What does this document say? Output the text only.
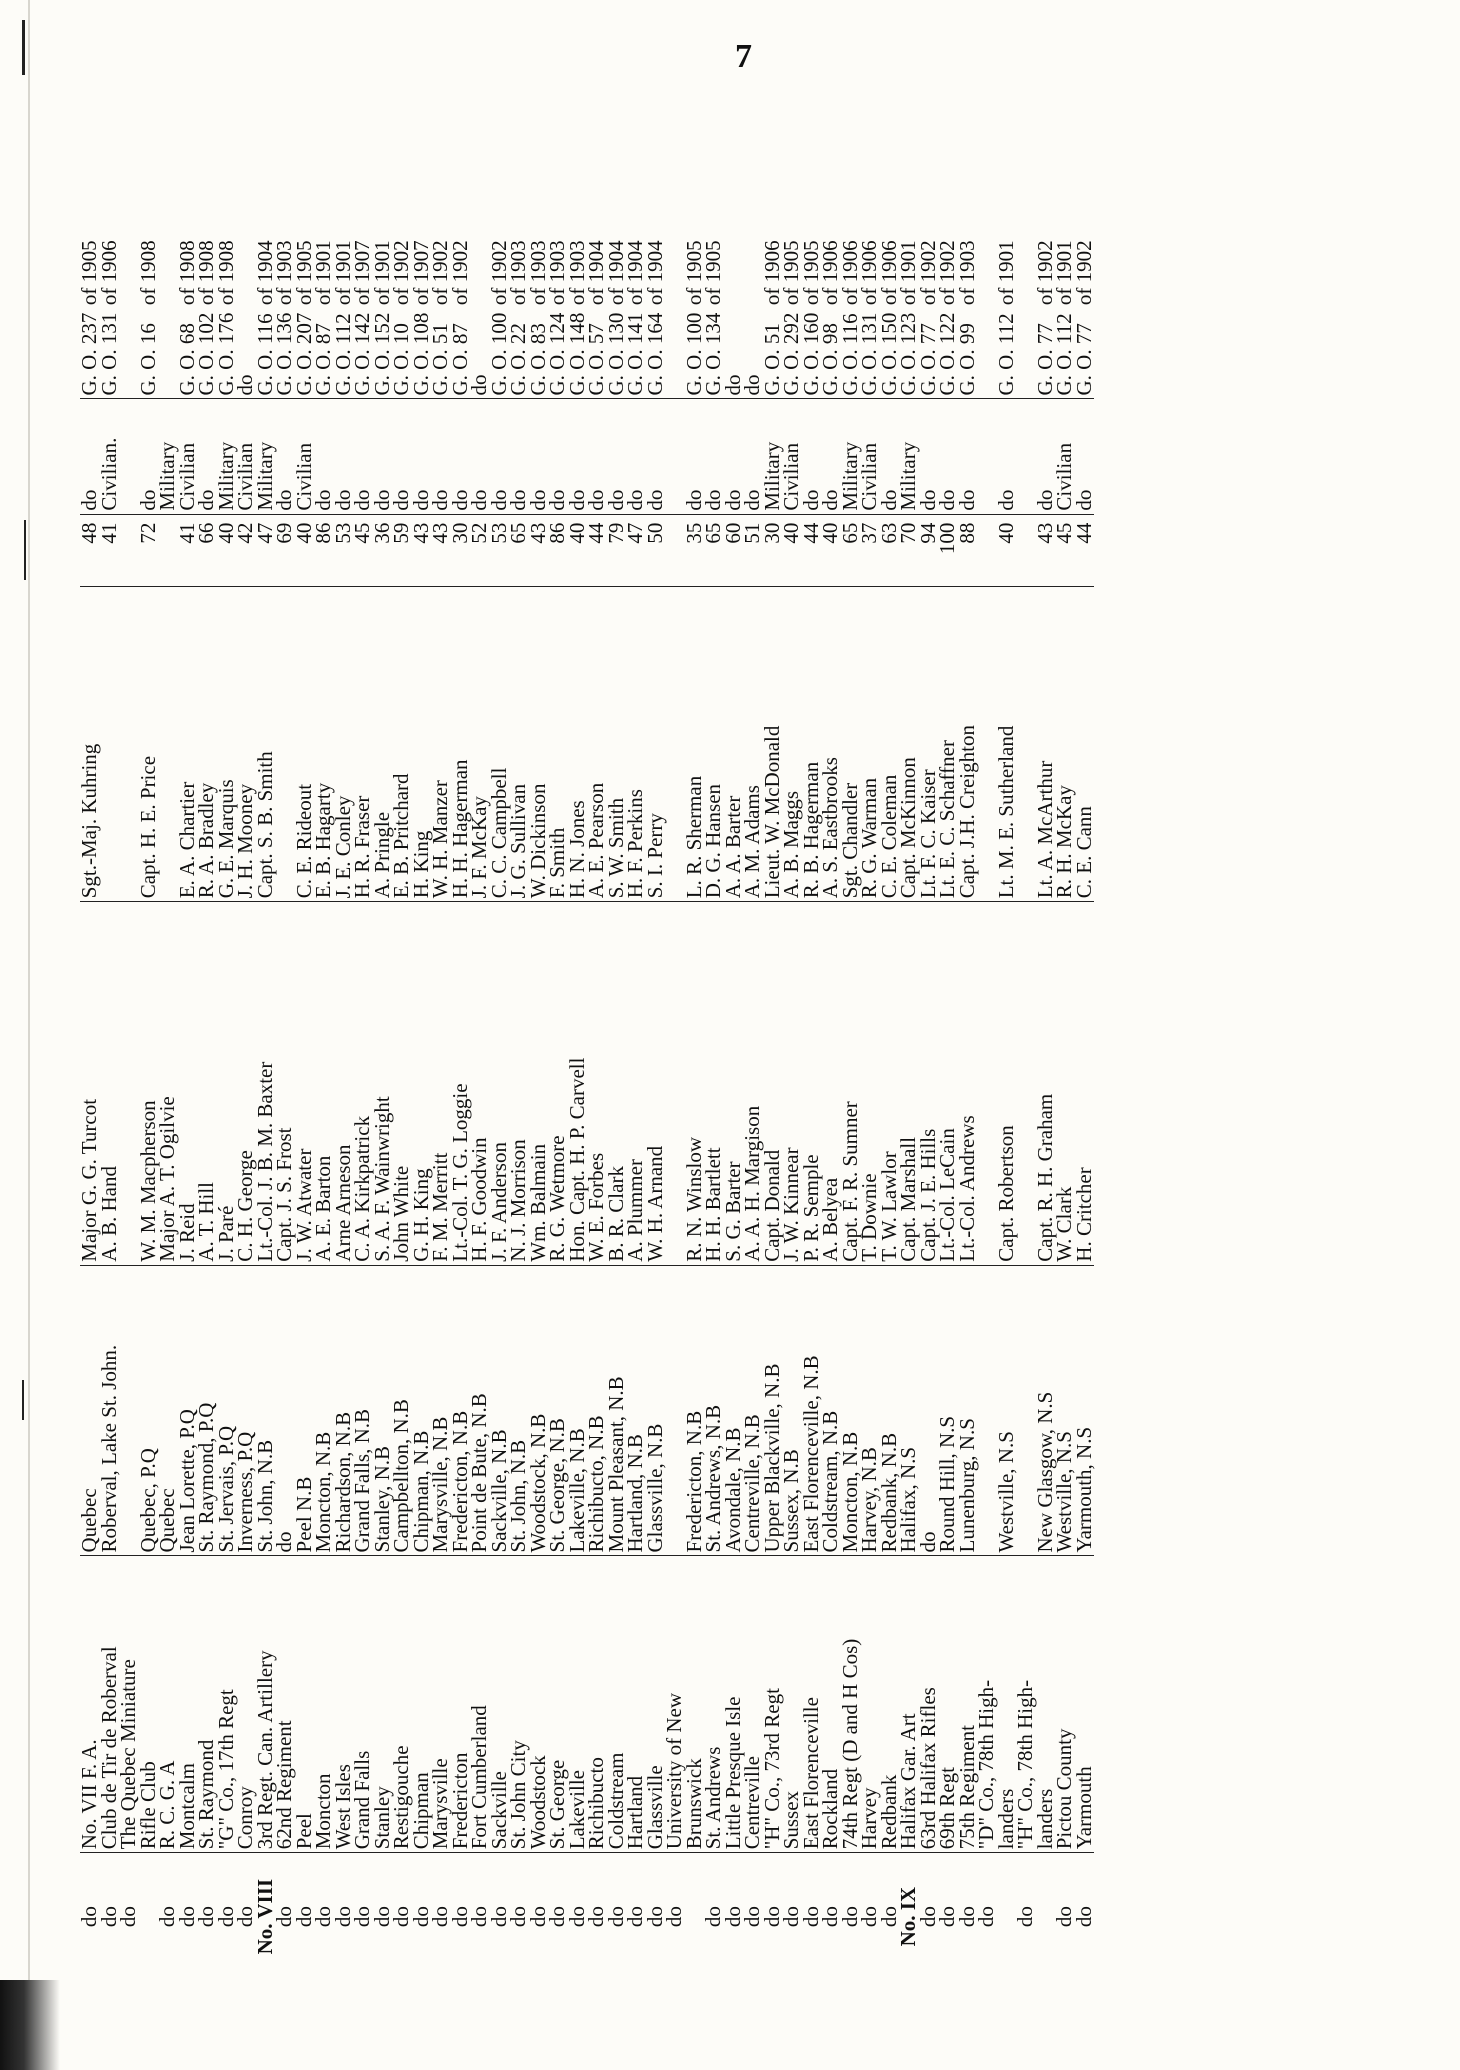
7
do	No. VII F. A.	Quebec	Major G. G. Turcot	Sgt.-Maj. Kuhring	48	do	G. O. 237	of 1905
do	Club de Tir de Roberval	Roberval, Lake St. John.	A. B. Hand		41	Civilian.	G. O. 131	of 1906
do	The Quebec Miniature							
	Rifle Club	Quebec, P.Q	W. M. Macpherson	Capt. H. E. Price	72	do	G. O. 16	of 1908
do	R. C. G. A	Quebec	Major A. T. Ogilvie			Military		
do	Montcalm	Jean Lorette, P.Q	J. Reid	E. A. Chartier	41	Civilian	G. O. 68	of 1908
do	St. Raymond	St. Raymond, P.Q	A. T. Hill	R. A. Bradley	66	do	G. O. 102	of 1908
do	"G" Co., 17th Regt	St. Jervais, P.Q	J. Paré	G. E. Marquis	40	Military	G. O. 176	of 1908
do	Conroy	Inverness, P.Q	C. H. George	J. H. Mooney	42	Civilian	do	
No. VIII	3rd Regt. Can. Artillery	St. John, N.B	Lt.-Col. J. B. M. Baxter	Capt. S. B. Smith	47	Military	G. O. 116	of 1904
do	62nd Regiment	do	Capt. J. S. Frost		69	do	G. O. 136	of 1903
do	Peel	Peel N.B	J. W. Atwater	C. E. Rideout	40	Civilian	G. O. 207	of 1905
do	Moncton	Moncton, N.B	A. E. Barton	E. B. Hagarty	86	do	G. O. 87	of 1901
do	West Isles	Richardson, N.B	Arne Arneson	J. E. Conley	53	do	G. O. 112	of 1901
do	Grand Falls	Grand Falls, N.B	C. A. Kirkpatrick	H. R. Fraser	45	do	G. O. 142	of 1907
do	Stanley	Stanley, N.B	S. A. F. Wainwright	A. Pringle	36	do	G. O. 152	of 1901
do	Restigouche	Campbellton, N.B	John White	E. B. Pritchard	59	do	G. O. 10	of 1902
do	Chipman	Chipman, N.B	G. H. King	H. King	43	do	G. O. 108	of 1907
do	Marysville	Marysville, N.B	F. M. Merritt	W. H. Manzer	43	do	G. O. 51	of 1902
do	Fredericton	Fredericton, N.B	Lt.-Col. T. G. Loggie	H. H. Hagerman	30	do	G. O. 87	of 1902
do	Fort Cumberland	Point de Bute, N.B	H. F. Goodwin	J. F. McKay	52	do	do	
do	Sackville	Sackville, N.B	J. F. Anderson	C. C. Campbell	53	do	G. O. 100	of 1902
do	St. John City	St. John, N.B	N. J. Morrison	J. G. Sullivan	65	do	G. O. 22	of 1903
do	Woodstock	Woodstock, N.B	Wm. Balmain	W. Dickinson	43	do	G. O. 83	of 1903
do	St. George	St. George, N.B	R. G. Wetmore	F. Smith	86	do	G. O. 124	of 1903
do	Lakeville	Lakeville, N.B	Hon. Capt. H. P. Carvell	H. N. Jones	40	do	G. O. 148	of 1903
do	Richibucto	Richibucto, N.B	W. E. Forbes	A. E. Pearson	44	do	G. O. 57	of 1904
do	Coldstream	Mount Pleasant, N.B	B. R. Clark	S. W. Smith	79	do	G. O. 130	of 1904
do	Hartland	Hartland, N.B	A. Plummer	H. F. Perkins	47	do	G. O. 141	of 1904
do	Glassville	Glassville, N.B	W. H. Arnand	S. I. Perry	50	do	G. O. 164	of 1904
do	University of New							
	Brunswick	Fredericton, N.B	R. N. Winslow	L. R. Sherman	35	do	G. O. 100	of 1905
do	St. Andrews	St. Andrews, N.B	H. H. Bartlett	D. G. Hansen	65	do	G. O. 134	of 1905
do	Little Presque Isle	Avondale, N.B	S. G. Barter	A. A. Barter	60	do	do	
do	Centreville	Centreville, N.B	A. A. H. Margison	A. M. Adams	51	do	do	
do	"H" Co., 73rd Regt	Upper Blackville, N.B	Capt. Donald	Lieut. W. McDonald	30	Military	G. O. 51	of 1906
do	Sussex	Sussex, N.B	J. W. Kinnear	A. B. Maggs	40	Civilian	G. O. 292	of 1905
do	East Florenceville	East Florenceville, N.B	P. R. Semple	R. B. Hagerman	44	do	G. O. 160	of 1905
do	Rockland	Coldstream, N.B	A. Belyea	A. S. Eastbrooks	40	do	G. O. 98	of 1906
do	74th Regt (D and H Cos)	Moncton, N.B	Capt. F. R. Sumner	Sgt. Chandler	65	Military	G. O. 116	of 1906
do	Harvey	Harvey, N.B	T. Downie	R. G. Warman	37	Civilian	G. O. 131	of 1906
do	Redbank	Redbank, N.B	T. W. Lawlor	C. E. Coleman	63	do	G. O. 150	of 1906
No. IX	Halifax Gar. Art	Halifax, N.S	Capt. Marshall	Capt. McKinnon	70	Military	G. O. 123	of 1901
do	63rd Halifax Rifles	do	Capt. J. E. Hills	Lt. F. C. Kaiser	94	do	G. O. 77	of 1902
do	69th Regt	Round Hill, N.S	Lt.-Col. LeCain	Lt. E. C. Schaffner	100	do	G. O. 122	of 1902
do	75th Regiment	Lunenburg, N.S	Lt.-Col. Andrews	Capt. J.H. Creighton	88	do	G. O. 99	of 1903
do	"D" Co., 78th High-							
	landers	Westville, N.S	Capt. Robertson	Lt. M. E. Sutherland	40	do	G. O. 112	of 1901
do	"H" Co., 78th High-							
	landers	New Glasgow, N.S	Capt. R. H. Graham	Lt. A. McArthur	43	do	G. O. 77	of 1902
do	Pictou County	Westville, N.S	W. Clark	R. H. McKay	45	Civilian	G. O. 112	of 1901
do	Yarmouth	Yarmouth, N.S	H. Critcher	C. E. Cann	44	do	G. O. 77	of 1902
